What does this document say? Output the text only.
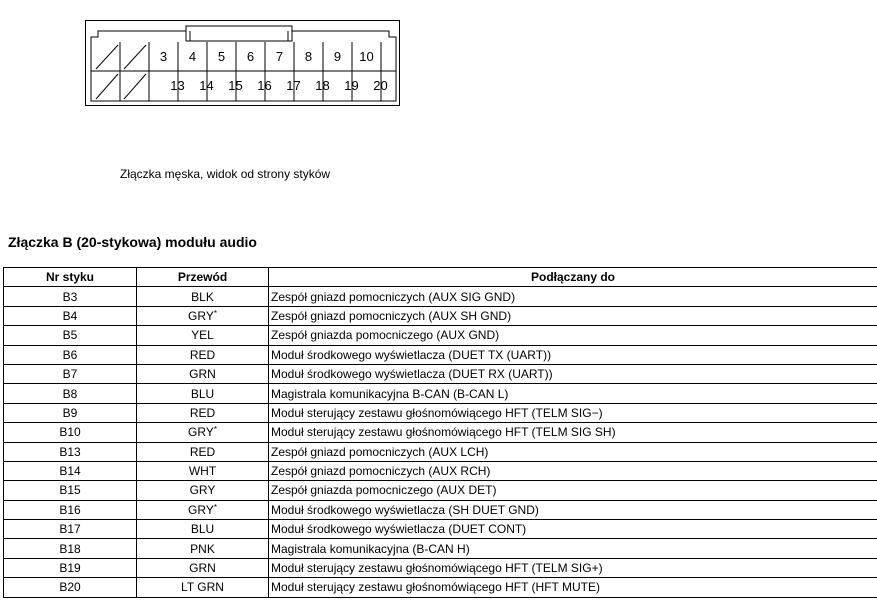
3	4	5	6	7	8	9	10
13	14	15	16	17	18	19	20
Złączka męska, widok od strony styków
Złączka B (20-stykowa) modułu audio
Nr styku	Przewód	Podłączany do
B3	BLK	Zespół gniazd pomocniczych (AUX SIG GND)
B4	GRY*	Zespół gniazd pomocniczych (AUX SH GND)
B5	YEL	Zespół gniazda pomocniczego (AUX GND)
B6	RED	Moduł środkowego wyświetlacza (DUET TX (UART))
B7	GRN	Moduł środkowego wyświetlacza (DUET RX (UART))
B8	BLU	Magistrala komunikacyjna B-CAN (B-CAN L)
B9	RED	Moduł sterujący zestawu głośnomówiącego HFT (TELM SIG−)
B10	GRY*	Moduł sterujący zestawu głośnomówiącego HFT (TELM SIG SH)
B13	RED	Zespół gniazd pomocniczych (AUX LCH)
B14	WHT	Zespół gniazd pomocniczych (AUX RCH)
B15	GRY	Zespół gniazda pomocniczego (AUX DET)
B16	GRY*	Moduł środkowego wyświetlacza (SH DUET GND)
B17	BLU	Moduł środkowego wyświetlacza (DUET CONT)
B18	PNK	Magistrala komunikacyjna (B-CAN H)
B19	GRN	Moduł sterujący zestawu głośnomówiącego HFT (TELM SIG+)
B20	LT GRN	Moduł sterujący zestawu głośnomówiącego HFT (HFT MUTE)
